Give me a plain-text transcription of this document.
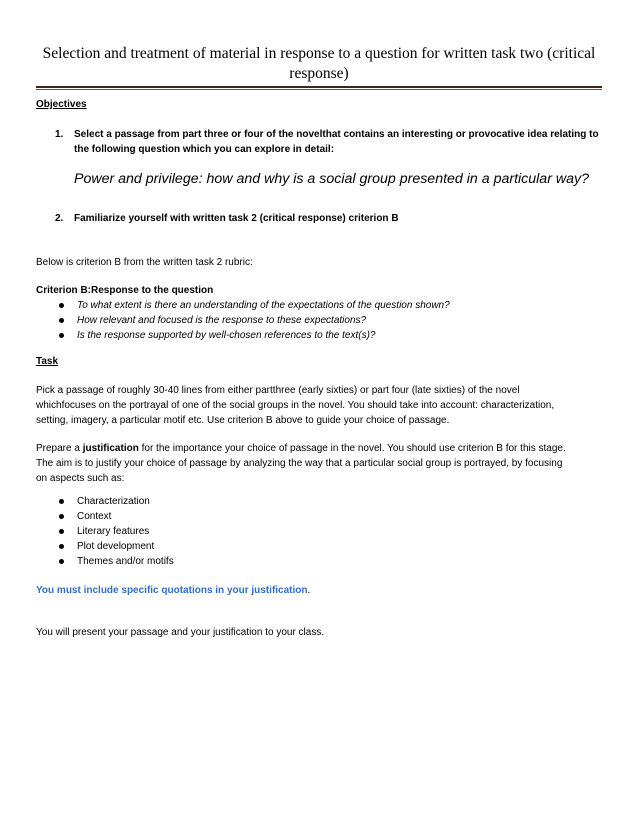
Selection and treatment of material in response to a question for written task two (critical response)
Objectives
1. Select a passage from part three or four of the novelthat contains an interesting or provocative idea relating to the following question which you can explore in detail:
Power and privilege: how and why is a social group presented in a particular way?
2. Familiarize yourself with written task 2 (critical response) criterion B
Below is criterion B from the written task 2 rubric:
Criterion B:Response to the question
To what extent is there an understanding of the expectations of the question shown?
How relevant and focused is the response to these expectations?
Is the response supported by well-chosen references to the text(s)?
Task
Pick a passage of roughly 30-40 lines from either partthree (early sixties) or part four (late sixties) of the novel
whichfocuses on the portrayal of one of the social groups in the novel. You should take into account: characterization,
setting, imagery, a particular motif etc. Use criterion B above to guide your choice of passage.
Prepare a justification for the importance your choice of passage in the novel. You should use criterion B for this stage.
The aim is to justify your choice of passage by analyzing the way that a particular social group is portrayed, by focusing
on aspects such as:
Characterization
Context
Literary features
Plot development
Themes and/or motifs
You must include specific quotations in your justification.
You will present your passage and your justification to your class.
